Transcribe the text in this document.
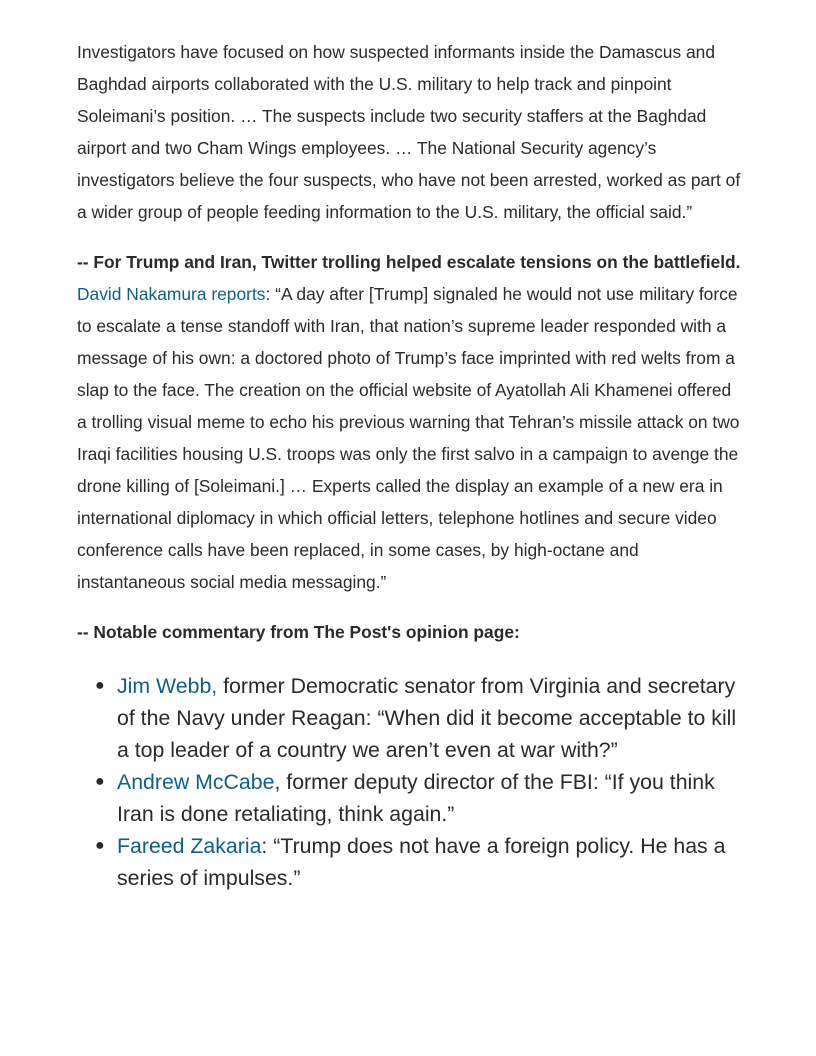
Investigators have focused on how suspected informants inside the Damascus and Baghdad airports collaborated with the U.S. military to help track and pinpoint Soleimani’s position. … The suspects include two security staffers at the Baghdad airport and two Cham Wings employees. … The National Security agency’s investigators believe the four suspects, who have not been arrested, worked as part of a wider group of people feeding information to the U.S. military, the official said.”

-- For Trump and Iran, Twitter trolling helped escalate tensions on the battlefield. David Nakamura reports: “A day after [Trump] signaled he would not use military force to escalate a tense standoff with Iran, that nation’s supreme leader responded with a message of his own: a doctored photo of Trump’s face imprinted with red welts from a slap to the face. The creation on the official website of Ayatollah Ali Khamenei offered a trolling visual meme to echo his previous warning that Tehran’s missile attack on two Iraqi facilities housing U.S. troops was only the first salvo in a campaign to avenge the drone killing of [Soleimani.] … Experts called the display an example of a new era in international diplomacy in which official letters, telephone hotlines and secure video conference calls have been replaced, in some cases, by high-octane and instantaneous social media messaging.”

-- Notable commentary from The Post's opinion page:

● Jim Webb, former Democratic senator from Virginia and secretary of the Navy under Reagan: “When did it become acceptable to kill a top leader of a country we aren’t even at war with?”
● Andrew McCabe, former deputy director of the FBI: “If you think Iran is done retaliating, think again.”
● Fareed Zakaria: “Trump does not have a foreign policy. He has a series of impulses.”
